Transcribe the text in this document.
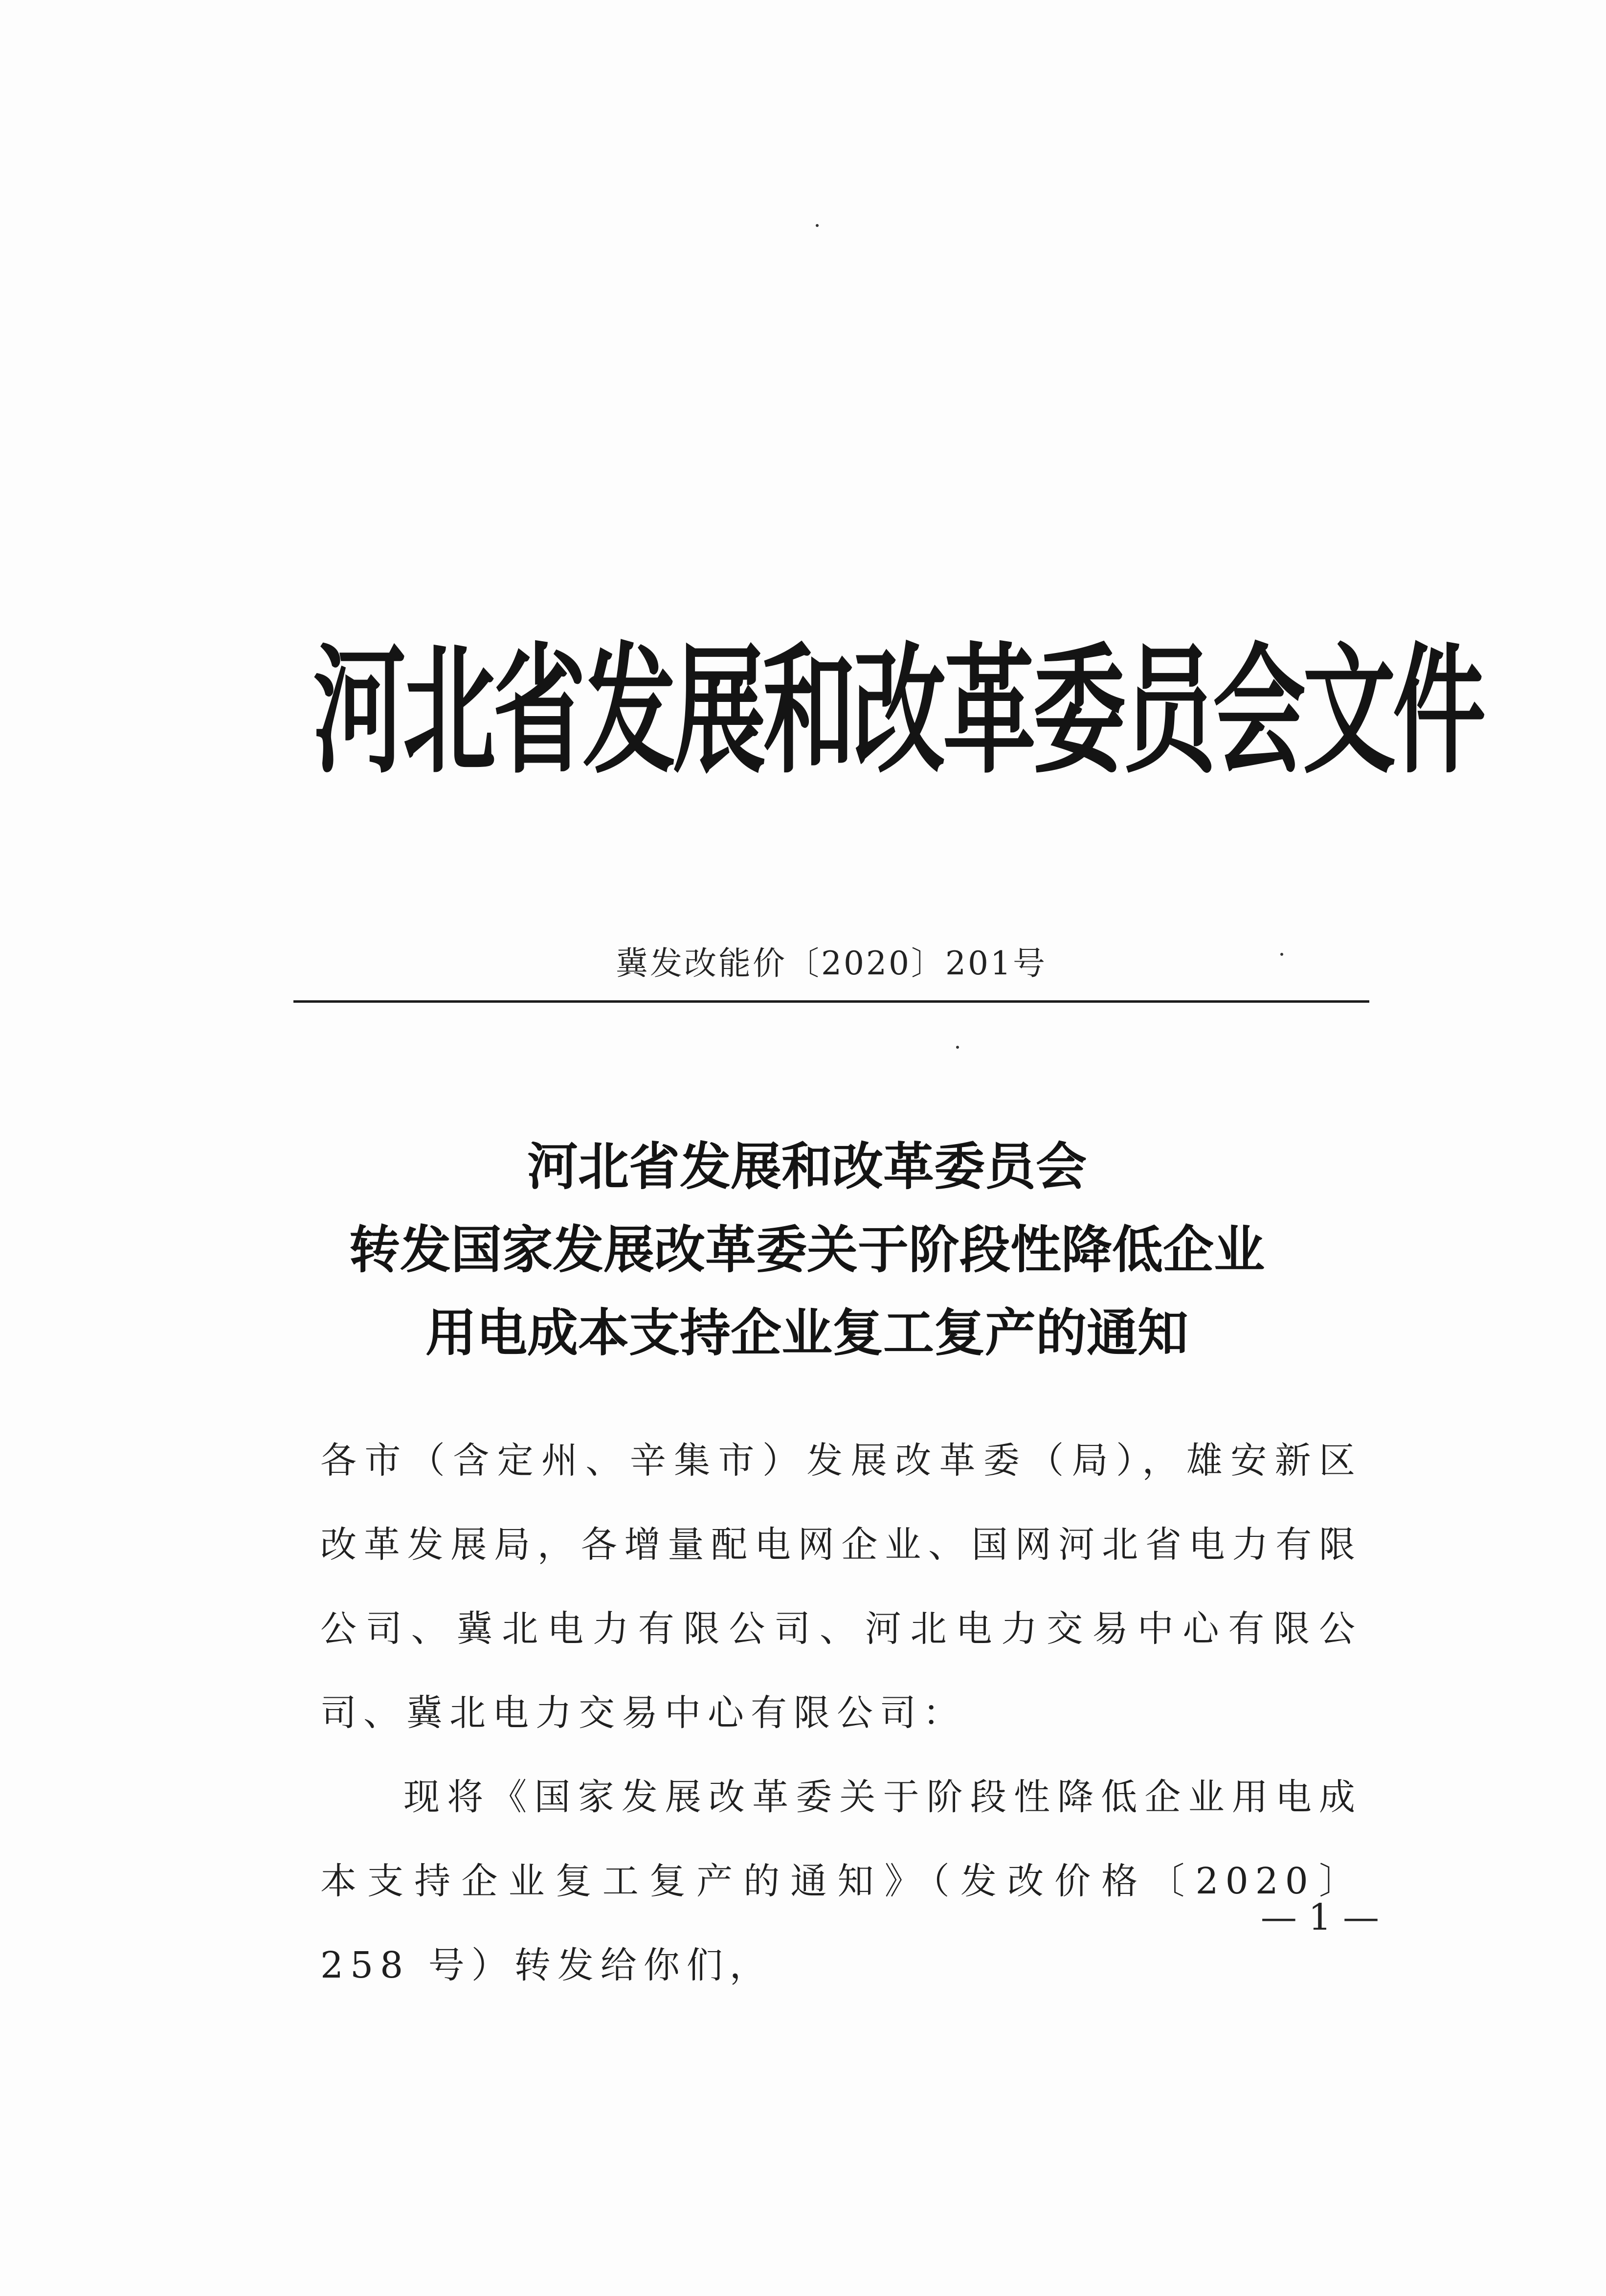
河北省发展和改革委员会文件
冀发改能价〔2020〕201号
河北省发展和改革委员会
转发国家发展改革委关于阶段性降低企业
用电成本支持企业复工复产的通知

各市（含定州、辛集市）发展改革委（局），雄安新区改革发展局，各增量配电网企业、国网河北省电力有限公司、冀北电力有限公司、河北电力交易中心有限公司、冀北电力交易中心有限公司：

现将《国家发展改革委关于阶段性降低企业用电成本支持企业复工复产的通知》（发改价格〔2020〕258 号）转发给你们，

— 1 —
